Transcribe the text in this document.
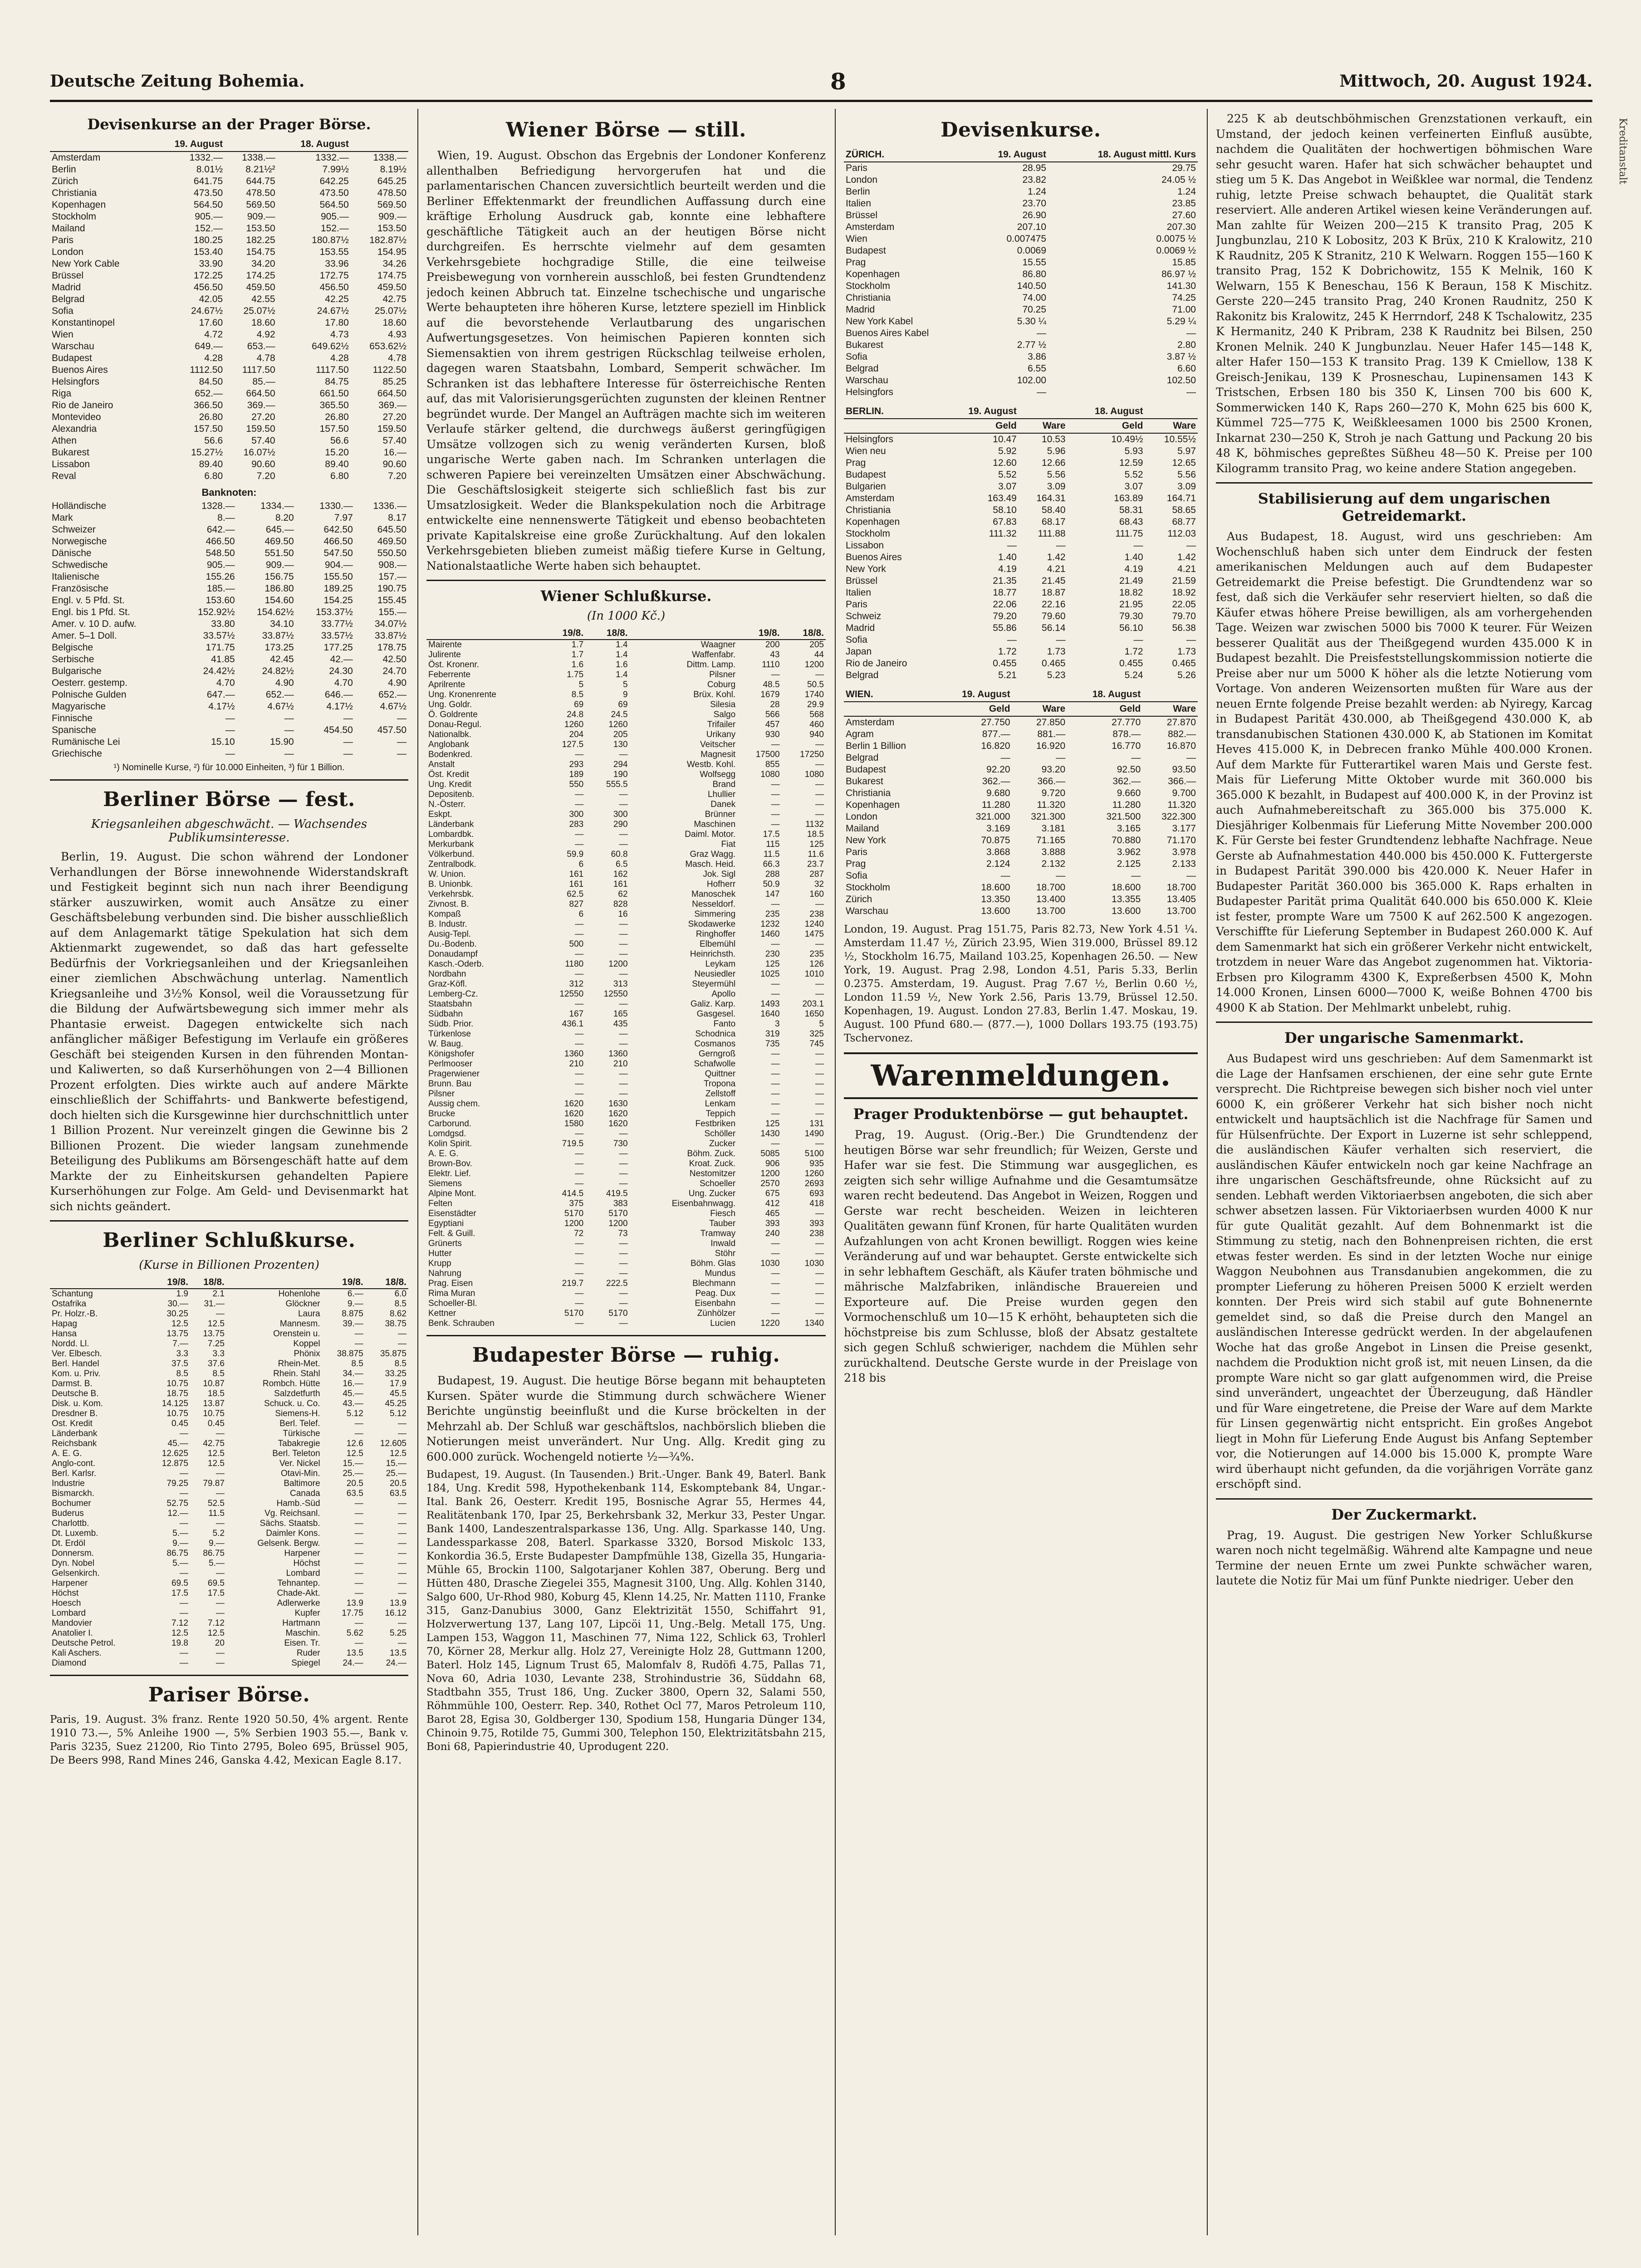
Deutsche Zeitung Bohemia.	8	Mittwoch, 20. August 1924.
Devisenkurse an der Prager Börse.
	19. August		18. August	
Amsterdam	1332.—	1338.—	1332.—	1338.—
Berlin	8.01½	8.21½²	7.99½	8.19½
Zürich	641.75	644.75	642.25	645.25
Christiania	473.50	478.50	473.50	478.50
Kopenhagen	564.50	569.50	564.50	569.50
Stockholm	905.—	909.—	905.—	909.—
Mailand	152.—	153.50	152.—	153.50
Paris	180.25	182.25	180.87½	182.87½
London	153.40	154.75	153.55	154.95
New York Cable	33.90	34.20	33.96	34.26
Brüssel	172.25	174.25	172.75	174.75
Madrid	456.50	459.50	456.50	459.50
Belgrad	42.05	42.55	42.25	42.75
Sofia	24.67½	25.07½	24.67½	25.07½
Konstantinopel	17.60	18.60	17.80	18.60
Wien	4.72	4.92	4.73	4.93
Warschau	649.—	653.—	649.62½	653.62½
Budapest	4.28	4.78	4.28	4.78
Buenos Aires	1112.50	1117.50	1117.50	1122.50
Helsingfors	84.50	85.—	84.75	85.25
Riga	652.—	664.50	661.50	664.50
Rio de Janeiro	366.50	369.—	365.50	369.—
Montevideo	26.80	27.20	26.80	27.20
Alexandria	157.50	159.50	157.50	159.50
Athen	56.6	57.40	56.6	57.40
Bukarest	15.27½	16.07½	15.20	16.—
Lissabon	89.40	90.60	89.40	90.60
Reval	6.80	7.20	6.80	7.20
Banknoten:
Holländische	1328.—	1334.—	1330.—	1336.—
Mark	8.—	8.20	7.97	8.17
Schweizer	642.—	645.—	642.50	645.50
Norwegische	466.50	469.50	466.50	469.50
Dänische	548.50	551.50	547.50	550.50
Schwedische	905.—	909.—	904.—	908.—
Italienische	155.26	156.75	155.50	157.—
Französische	185.—	186.80	189.25	190.75
Engl. v. 5 Pfd. St.	153.60	154.60	154.25	155.45
Engl. bis 1 Pfd. St.	152.92½	154.62½	153.37½	155.—
Amer. v. 10 D. aufw.	33.80	34.10	33.77½	34.07½
Amer. 5–1 Doll.	33.57½	33.87½	33.57½	33.87½
Belgische	171.75	173.25	177.25	178.75
Serbische	41.85	42.45	42.—	42.50
Bulgarische	24.42½	24.82½	24.30	24.70
Oesterr. gestemp.	4.70	4.90	4.70	4.90
Polnische Gulden	647.—	652.—	646.—	652.—
Magyarische	4.17½	4.67½	4.17½	4.67½
Finnische	—	—	—	—
Spanische	—	—	454.50	457.50
Rumänische Lei	15.10	15.90	—	—
Griechische	—	—	—	—
¹) Nominelle Kurse, ²) für 10.000 Einheiten, ³) für 1 Billion.
Berliner Börse — fest.
Kriegsanleihen abgeschwächt. — Wachsendes Publikumsinteresse.

Berlin, 19. August. Die schon während der Londoner Verhandlungen der Börse innewohnende Widerstandskraft und Festigkeit beginnt sich nun nach ihrer Beendigung stärker auszuwirken, womit auch Ansätze zu einer Geschäftsbelebung verbunden sind. Die bisher ausschließlich auf dem Anlagemarkt tätige Spekulation hat sich dem Aktienmarkt zugewendet, so daß das hart gefesselte Bedürfnis der Vorkriegsanleihen und der Kriegsanleihen einer ziemlichen Abschwächung unterlag. Namentlich Kriegsanleihe und 3½% Konsol, weil die Voraussetzung für die Bildung der Aufwärtsbewegung sich immer mehr als Phantasie erweist. Dagegen entwickelte sich nach anfänglicher mäßiger Befestigung im Verlaufe ein größeres Geschäft bei steigenden Kursen in den führenden Montan- und Kaliwerten, so daß Kurserhöhungen von 2—4 Billionen Prozent erfolgten. Dies wirkte auch auf andere Märkte einschließlich der Schiffahrts- und Bankwerte befestigend, doch hielten sich die Kursgewinne hier durchschnittlich unter 1 Billion Prozent. Nur vereinzelt gingen die Gewinne bis 2 Billionen Prozent. Die wieder langsam zunehmende Beteiligung des Publikums am Börsengeschäft hatte auf dem Markte der zu Einheitskursen gehandelten Papiere Kurserhöhungen zur Folge. Am Geld- und Devisenmarkt hat sich nichts geändert.

Berliner Schlußkurse.
(Kurse in Billionen Prozenten)
	19/8.	18/8.		19/8.	18/8.
Schantung	1.9	2.1	Hohenlohe	6.—	6.0
Ostafrika	30.—	31.—	Glöckner	9.—	8.5
Pr. Holzr.-B.	30.25	—	Laura	8.875	8.62
Hapag	12.5	12.5	Mannesm.	39.—	38.75
Hansa	13.75	13.75	Orenstein u.	—	—
Nordd. Ll.	7.—	7.25	Koppel	—	—
Ver. Elbesch.	3.3	3.3	Phönix	38.875	35.875
Berl. Handel	37.5	37.6	Rhein-Met.	8.5	8.5
Kom. u. Priv.	8.5	8.5	Rhein. Stahl	34.—	33.25
Darmst. B.	10.75	10.87	Rombch. Hütte	16.—	17.9
Deutsche B.	18.75	18.5	Salzdetfurth	45.—	45.5
Disk. u. Kom.	14.125	13.87	Schuck. u. Co.	43.—	45.25
Dresdner B.	10.75	10.75	Siemens-H.	5.12	5.12
Ost. Kredit	0.45	0.45	Berl. Telef.	—	—
Länderbank	—	—	Türkische	—	—
Reichsbank	45.—	42.75	Tabakregie	12.6	12.605
A. E. G.	12.625	12.5	Berl. Teleton	12.5	12.5
Anglo-cont.	12.875	12.5	Ver. Nickel	15.—	15.—
Berl. Karlsr.	—	—	Otavi-Min.	25.—	25.—
Industrie	79.25	79.87	Baltimore	20.5	20.5
Bismarckh.	—	—	Canada	63.5	63.5
Bochumer	52.75	52.5	Hamb.-Süd	—	—
Buderus	12.—	11.5	Vg. Reichsanl.	—	—
Charlottb.	—	—	Sächs. Staatsb.	—	—
Dt. Luxemb.	5.—	5.2	Daimler Kons.	—	—
Dt. Erdöl	9.—	9.—	Gelsenk. Bergw.	—	—
Donnersm.	86.75	86.75	Harpener	—	—
Dyn. Nobel	5.—	5.—	Höchst	—	—
Gelsenkirch.	—	—	Lombard	—	—
Harpener	69.5	69.5	Tehnantep.	—	—
Höchst	17.5	17.5	Chade-Akt.	—	—
Hoesch	—	—	Adlerwerke	13.9	13.9
Lombard	—	—	Kupfer	17.75	16.12
Mandovier	7.12	7.12	Hartmann	—	—
Anatolier I.	12.5	12.5	Maschin.	5.62	5.25
Deutsche Petrol.	19.8	20	Eisen. Tr.	—	—
Kali Aschers.	—	—	Ruder	13.5	13.5
Diamond	—	—	Spiegel	24.—	24.—
Pariser Börse.
Paris, 19. August. 3% franz. Rente 1920 50.50, 4% argent. Rente 1910 73.—, 5% Anleihe 1900 —, 5% Serbien 1903 55.—, Bank v. Paris 3235, Suez 21200, Rio Tinto 2795, Boleo 695, Brüssel 905, De Beers 998, Rand Mines 246, Ganska 4.42, Mexican Eagle 8.17.
Wiener Börse — still.

Wien, 19. August. Obschon das Ergebnis der Londoner Konferenz allenthalben Befriedigung hervorgerufen hat und die parlamentarischen Chancen zuversichtlich beurteilt werden und die Berliner Effektenmarkt der freundlichen Auffassung durch eine kräftige Erholung Ausdruck gab, konnte eine lebhaftere geschäftliche Tätigkeit auch an der heutigen Börse nicht durchgreifen. Es herrschte vielmehr auf dem gesamten Verkehrsgebiete hochgradige Stille, die eine teilweise Preisbewegung von vornherein ausschloß, bei festen Grundtendenz jedoch keinen Abbruch tat. Einzelne tschechische und ungarische Werte behaupteten ihre höheren Kurse, letztere speziell im Hinblick auf die bevorstehende Verlautbarung des ungarischen Aufwertungsgesetzes. Von heimischen Papieren konnten sich Siemensaktien von ihrem gestrigen Rückschlag teilweise erholen, dagegen waren Staatsbahn, Lombard, Semperit schwächer. Im Schranken ist das lebhaftere Interesse für österreichische Renten auf, das mit Valorisierungsgerüchten zugunsten der kleinen Rentner begründet wurde. Der Mangel an Aufträgen machte sich im weiteren Verlaufe stärker geltend, die durchwegs äußerst geringfügigen Umsätze vollzogen sich zu wenig veränderten Kursen, bloß ungarische Werte gaben nach. Im Schranken unterlagen die schweren Papiere bei vereinzelten Umsätzen einer Abschwächung. Die Geschäftslosigkeit steigerte sich schließlich fast bis zur Umsatzlosigkeit. Weder die Blankspekulation noch die Arbitrage entwickelte eine nennenswerte Tätigkeit und ebenso beobachteten private Kapitalskreise eine große Zurückhaltung. Auf den lokalen Verkehrsgebieten blieben zumeist mäßig tiefere Kurse in Geltung, Nationalstaatliche Werte haben sich behauptet.

Wiener Schlußkurse.
(In 1000 Kč.)
	19/8.	18/8.		19/8.	18/8.
Mairente	1.7	1.4	Waagner	200	205
Julirente	1.7	1.4	Waffenfabr.	43	44
Öst. Kronenr.	1.6	1.6	Dittm. Lamp.	1110	1200
Feberrente	1.75	1.4	Pilsner	—	—
Aprilrente	5	5	Coburg	48.5	50.5
Ung. Kronenrente	8.5	9	Brüx. Kohl.	1679	1740
Ung. Goldr.	69	69	Silesia	28	29.9
Ö. Goldrente	24.8	24.5	Salgo	566	568
Donau-Regul.	1260	1260	Trifailer	457	460
Nationalbk.	204	205	Urikany	930	940
Anglobank	127.5	130	Veitscher	—	—
Bodenkred.	—	—	Magnesit	17500	17250
Anstalt	293	294	Westb. Kohl.	855	—
Öst. Kredit	189	190	Wolfsegg	1080	1080
Ung. Kredit	550	555.5	Brand	—	—
Depositenb.	—	—	Lhullier	—	—
N.-Österr.	—	—	Danek	—	—
Eskpt.	300	300	Brünner	—	—
Länderbank	283	290	Maschinen	—	1132
Lombardbk.	—	—	Daiml. Motor.	17.5	18.5
Merkurbank	—	—	Fiat	115	125
Völkerbund.	59.9	60.8	Graz Wagg.	11.5	11.6
Zentralbodk.	6	6.5	Masch. Heid.	66.3	23.7
W. Union.	161	162	Jok. Sigl	288	287
B. Unionbk.	161	161	Hofherr	50.9	32
Verkehrsbk.	62.5	62	Manoschek	147	160
Zivnost. B.	827	828	Nesseldorf.	—	—
Kompaß	6	16	Simmering	235	238
B. Industr.	—	—	Skodawerke	1232	1240
Ausig-Tepl.	—	—	Ringhoffer	1460	1475
Du.-Bodenb.	500	—	Elbemühl	—	—
Donaudampf	—	—	Heinrichsth.	230	235
Kasch.-Oderb.	1180	1200	Leykam	125	126
Nordbahn	—	—	Neusiedler	1025	1010
Graz-Köfl.	312	313	Steyermühl	—	—
Lemberg-Cz.	12550	12550	Apollo	—	—
Staatsbahn	—	—	Galiz. Karp.	1493	203.1
Südbahn	167	165	Gasgesel.	1640	1650
Südb. Prior.	436.1	435	Fanto	3	5
Türkenlose	—	—	Schodnica	319	325
W. Baug.	—	—	Cosmanos	735	745
Königshofer	1360	1360	Gerngroß	—	—
Perlmooser	210	210	Schafwolle	—	—
Pragerwiener	—	—	Quittner	—	—
Brunn. Bau	—	—	Tropona	—	—
Pilsner	—	—	Zellstoff	—	—
Aussig chem.	1620	1630	Lenkam	—	—
Brucke	1620	1620	Teppich	—	—
Carborund.	1580	1620	Festbriken	125	131
Lomdgsd.	—	—	Schöller	1430	1490
Kolin Spirit.	719.5	730	Zucker	—	—
A. E. G.	—	—	Böhm. Zuck.	5085	5100
Brown-Bov.	—	—	Kroat. Zuck.	906	935
Elektr. Lief.	—	—	Nestomitzer	1200	1260
Siemens	—	—	Schoeller	2570	2693
Alpine Mont.	414.5	419.5	Ung. Zucker	675	693
Felten	375	383	Eisenbahnwagg.	412	418
Eisenstädter	5170	5170	Fiesch	465	—
Egyptiani	1200	1200	Tauber	393	393
Felt. & Guill.	72	73	Tramway	240	238
Grünerts	—	—	Inwald	—	—
Hutter	—	—	Stöhr	—	—
Krupp	—	—	Böhm. Glas	1030	1030
Nahrung	—	—	Mundus	—	—
Prag. Eisen	219.7	222.5	Blechmann	—	—
Rima Muran	—	—	Peag. Dux	—	—
Schoeller-Bl.	—	—	Eisenbahn	—	—
Kettner	5170	5170	Zünhölzer	—	—
Benk. Schrauben	—	—	Lucien	1220	1340
Budapester Börse — ruhig.

Budapest, 19. August. Die heutige Börse begann mit behaupteten Kursen. Später wurde die Stimmung durch schwächere Wiener Berichte ungünstig beeinflußt und die Kurse bröckelten in der Mehrzahl ab. Der Schluß war geschäftslos, nachbörslich blieben die Notierungen meist unverändert. Nur Ung. Allg. Kredit ging zu 600.000 zurück. Wochengeld notierte ½—¾%.

Budapest, 19. August. (In Tausenden.) Brit.-Unger. Bank 49, Baterl. Bank 184, Ung. Kredit 598, Hypothekenbank 114, Eskomptebank 84, Ungar.-Ital. Bank 26, Oesterr. Kredit 195, Bosnische Agrar 55, Hermes 44, Realitätenbank 170, Ipar 25, Berkehrsbank 32, Merkur 33, Pester Ungar. Bank 1400, Landeszentralsparkasse 136, Ung. Allg. Sparkasse 140, Ung. Landessparkasse 208, Baterl. Sparkasse 3320, Borsod Miskolc 133, Konkordia 36.5, Erste Budapester Dampfmühle 138, Gizella 35, Hungaria-Mühle 65, Brockin 1100, Salgotarjaner Kohlen 387, Oberung. Berg und Hütten 480, Drasche Ziegelei 355, Magnesit 3100, Ung. Allg. Kohlen 3140, Salgo 600, Ur-Rhod 980, Koburg 45, Klenn 14.25, Nr. Matten 1110, Franke 315, Ganz-Danubius 3000, Ganz Elektrizität 1550, Schiffahrt 91, Holzverwertung 137, Lang 107, Lipcöi 11, Ung.-Belg. Metall 175, Ung. Lampen 153, Waggon 11, Maschinen 77, Nima 122, Schlick 63, Trohlerl 70, Körner 28, Merkur allg. Holz 27, Vereinigte Holz 28, Guttmann 1200, Baterl. Holz 145, Lignum Trust 65, Malomfalv 8, Rudöfi 4.75, Pallas 71, Nova 60, Adria 1030, Levante 238, Strohindustrie 36, Süddahn 68, Stadtbahn 355, Trust 186, Ung. Zucker 3800, Opern 32, Salami 550, Röhmmühle 100, Oesterr. Rep. 340, Rothet Ocl 77, Maros Petroleum 110, Barot 28, Egisa 30, Goldberger 130, Spodium 158, Hungaria Dünger 134, Chinoin 9.75, Rotilde 75, Gummi 300, Telephon 150, Elektrizitätsbahn 215, Boni 68, Papierindustrie 40, Uprodugent 220.
Devisenkurse.
ZÜRICH.	19. August	18. August mittl. Kurs
Paris	28.95	29.75
London	23.82	24.05 ½
Berlin	1.24	1.24
Italien	23.70	23.85
Brüssel	26.90	27.60
Amsterdam	207.10	207.30
Wien	0.007475	0.0075 ½
Budapest	0.0069	0.0069 ½
Prag	15.55	15.85
Kopenhagen	86.80	86.97 ½
Stockholm	140.50	141.30
Christiania	74.00	74.25
Madrid	70.25	71.00
New York Kabel	5.30 ¼	5.29 ¼
Buenos Aires Kabel	—	—
Bukarest	2.77 ½	2.80
Sofia	3.86	3.87 ½
Belgrad	6.55	6.60
Warschau	102.00	102.50
Helsingfors	—	—
BERLIN.	19. August		18. August	
	Geld	Ware	Geld	Ware
Helsingfors	10.47	10.53	10.49½	10.55½
Wien neu	5.92	5.96	5.93	5.97
Prag	12.60	12.66	12.59	12.65
Budapest	5.52	5.56	5.52	5.56
Bulgarien	3.07	3.09	3.07	3.09
Amsterdam	163.49	164.31	163.89	164.71
Christiania	58.10	58.40	58.31	58.65
Kopenhagen	67.83	68.17	68.43	68.77
Stockholm	111.32	111.88	111.75	112.03
Lissabon	—	—	—	—
Buenos Aires	1.40	1.42	1.40	1.42
New York	4.19	4.21	4.19	4.21
Brüssel	21.35	21.45	21.49	21.59
Italien	18.77	18.87	18.82	18.92
Paris	22.06	22.16	21.95	22.05
Schweiz	79.20	79.60	79.30	79.70
Madrid	55.86	56.14	56.10	56.38
Sofia	—	—	—	—
Japan	1.72	1.73	1.72	1.73
Rio de Janeiro	0.455	0.465	0.455	0.465
Belgrad	5.21	5.23	5.24	5.26
WIEN.	19. August		18. August	
	Geld	Ware	Geld	Ware
Amsterdam	27.750	27.850	27.770	27.870
Agram	877.—	881.—	878.—	882.—
Berlin 1 Billion	16.820	16.920	16.770	16.870
Belgrad	—	—	—	—
Budapest	92.20	93.20	92.50	93.50
Bukarest	362.—	366.—	362.—	366.—
Christiania	9.680	9.720	9.660	9.700
Kopenhagen	11.280	11.320	11.280	11.320
London	321.000	321.300	321.500	322.300
Mailand	3.169	3.181	3.165	3.177
New York	70.875	71.165	70.880	71.170
Paris	3.868	3.888	3.962	3.978
Prag	2.124	2.132	2.125	2.133
Sofia	—	—	—	—
Stockholm	18.600	18.700	18.600	18.700
Zürich	13.350	13.400	13.355	13.405
Warschau	13.600	13.700	13.600	13.700
London, 19. August. Prag 151.75, Paris 82.73, New York 4.51 ¼. Amsterdam 11.47 ½, Zürich 23.95, Wien 319.000, Brüssel 89.12 ½, Stockholm 16.75, Mailand 103.25, Kopenhagen 26.50. — New York, 19. August. Prag 2.98, London 4.51, Paris 5.33, Berlin 0.2375. Amsterdam, 19. August. Prag 7.67 ½, Berlin 0.60 ½, London 11.59 ½, New York 2.56, Paris 13.79, Brüssel 12.50. Kopenhagen, 19. August. London 27.83, Berlin 1.47. Moskau, 19. August. 100 Pfund 680.— (877.—), 1000 Dollars 193.75 (193.75) Tschervonez.
Warenmeldungen.
Prager Produktenbörse — gut behauptet.

Prag, 19. August. (Orig.-Ber.) Die Grundtendenz der heutigen Börse war sehr freundlich; für Weizen, Gerste und Hafer war sie fest. Die Stimmung war ausgeglichen, es zeigten sich sehr willige Aufnahme und die Gesamtumsätze waren recht bedeutend. Das Angebot in Weizen, Roggen und Gerste war recht bescheiden. Weizen in leichteren Qualitäten gewann fünf Kronen, für harte Qualitäten wurden Aufzahlungen von acht Kronen bewilligt. Roggen wies keine Veränderung auf und war behauptet. Gerste entwickelte sich in sehr lebhaftem Geschäft, als Käufer traten böhmische und mährische Malzfabriken, inländische Brauereien und Exporteure auf. Die Preise wurden gegen den Vormochenschluß um 10—15 K erhöht, behaupteten sich die höchstpreise bis zum Schlusse, bloß der Absatz gestaltete sich gegen Schluß schwieriger, nachdem die Mühlen sehr zurückhaltend. Deutsche Gerste wurde in der Preislage von 218 bis

225 K ab deutschböhmischen Grenzstationen verkauft, ein Umstand, der jedoch keinen verfeinerten Einfluß ausübte, nachdem die Qualitäten der hochwertigen böhmischen Ware sehr gesucht waren. Hafer hat sich schwächer behauptet und stieg um 5 K. Das Angebot in Weißklee war normal, die Tendenz ruhig, letzte Preise schwach behauptet, die Qualität stark reserviert. Alle anderen Artikel wiesen keine Veränderungen auf. Man zahlte für Weizen 200—215 K transito Prag, 205 K Jungbunzlau, 210 K Lobositz, 203 K Brüx, 210 K Kralowitz, 210 K Raudnitz, 205 K Stranitz, 210 K Welwarn. Roggen 155—160 K transito Prag, 152 K Dobrichowitz, 155 K Melnik, 160 K Welwarn, 155 K Beneschau, 156 K Beraun, 158 K Mischitz. Gerste 220—245 transito Prag, 240 Kronen Raudnitz, 250 K Rakonitz bis Kralowitz, 245 K Herrndorf, 248 K Tschalowitz, 235 K Hermanitz, 240 K Pribram, 238 K Raudnitz bei Bilsen, 250 Kronen Melnik. 240 K Jungbunzlau. Neuer Hafer 145—148 K, alter Hafer 150—153 K transito Prag. 139 K Cmiellow, 138 K Greisch-Jenikau, 139 K Prosneschau, Lupinensamen 143 K Tristschen, Erbsen 180 bis 350 K, Linsen 700 bis 600 K, Sommerwicken 140 K, Raps 260—270 K, Mohn 625 bis 600 K, Kümmel 725—775 K, Weißkleesamen 1000 bis 2500 Kronen, Inkarnat 230—250 K, Stroh je nach Gattung und Packung 20 bis 48 K, böhmisches gepreßtes Süßheu 48—50 K. Preise per 100 Kilogramm transito Prag, wo keine andere Station angegeben.

Stabilisierung auf dem ungarischen Getreidemarkt.

Aus Budapest, 18. August, wird uns geschrieben: Am Wochenschluß haben sich unter dem Eindruck der festen amerikanischen Meldungen auch auf dem Budapester Getreidemarkt die Preise befestigt. Die Grundtendenz war so fest, daß sich die Verkäufer sehr reserviert hielten, so daß die Käufer etwas höhere Preise bewilligen, als am vorhergehenden Tage. Weizen war zwischen 5000 bis 7000 K teurer. Für Weizen besserer Qualität aus der Theißgegend wurden 435.000 K in Budapest bezahlt. Die Preisfeststellungskommission notierte die Preise aber nur um 5000 K höher als die letzte Notierung vom Vortage. Von anderen Weizensorten mußten für Ware aus der neuen Ernte folgende Preise bezahlt werden: ab Nyiregy, Karcag in Budapest Parität 430.000, ab Theißgegend 430.000 K, ab transdanubischen Stationen 430.000 K, ab Stationen im Komitat Heves 415.000 K, in Debrecen franko Mühle 400.000 Kronen. Auf dem Markte für Futterartikel waren Mais und Gerste fest. Mais für Lieferung Mitte Oktober wurde mit 360.000 bis 365.000 K bezahlt, in Budapest auf 400.000 K, in der Provinz ist auch Aufnahmebereitschaft zu 365.000 bis 375.000 K. Diesjähriger Kolbenmais für Lieferung Mitte November 200.000 K. Für Gerste bei fester Grundtendenz lebhafte Nachfrage. Neue Gerste ab Aufnahmestation 440.000 bis 450.000 K. Futtergerste in Budapest Parität 390.000 bis 420.000 K. Neuer Hafer in Budapester Parität 360.000 bis 365.000 K. Raps erhalten in Budapester Parität prima Qualität 640.000 bis 650.000 K. Kleie ist fester, prompte Ware um 7500 K auf 262.500 K angezogen. Verschiffte für Lieferung September in Budapest 260.000 K. Auf dem Samenmarkt hat sich ein größerer Verkehr nicht entwickelt, trotzdem in neuer Ware das Angebot zugenommen hat. Viktoria-Erbsen pro Kilogramm 4300 K, Expreßerbsen 4500 K, Mohn 14.000 Kronen, Linsen 6000—7000 K, weiße Bohnen 4700 bis 4900 K ab Station. Der Mehlmarkt unbelebt, ruhig.

Der ungarische Samenmarkt.

Aus Budapest wird uns geschrieben: Auf dem Samenmarkt ist die Lage der Hanfsamen erschienen, der eine sehr gute Ernte versprecht. Die Richtpreise bewegen sich bisher noch viel unter 6000 K, ein größerer Verkehr hat sich bisher noch nicht entwickelt und hauptsächlich ist die Nachfrage für Samen und für Hülsenfrüchte. Der Export in Luzerne ist sehr schleppend, die ausländischen Käufer verhalten sich reserviert, die ausländischen Käufer entwickeln noch gar keine Nachfrage an ihre ungarischen Geschäftsfreunde, ohne Rücksicht auf zu senden. Lebhaft werden Viktoriaerbsen angeboten, die sich aber schwer absetzen lassen. Für Viktoriaerbsen wurden 4000 K nur für gute Qualität gezahlt. Auf dem Bohnenmarkt ist die Stimmung zu stetig, nach den Bohnenpreisen richten, die erst etwas fester werden. Es sind in der letzten Woche nur einige Waggon Neubohnen aus Transdanubien angekommen, die zu prompter Lieferung zu höheren Preisen 5000 K erzielt werden konnten. Der Preis wird sich stabil auf gute Bohnenernte gemeldet sind, so daß die Preise durch den Mangel an ausländischen Interesse gedrückt werden. In der abgelaufenen Woche hat das große Angebot in Linsen die Preise gesenkt, nachdem die Produktion nicht groß ist, mit neuen Linsen, da die prompte Ware nicht so gar glatt aufgenommen wird, die Preise sind unverändert, ungeachtet der Überzeugung, daß Händler und für Ware eingetretene, die Preise der Ware auf dem Markte für Linsen gegenwärtig nicht entspricht. Ein großes Angebot liegt in Mohn für Lieferung Ende August bis Anfang September vor, die Notierungen auf 14.000 bis 15.000 K, prompte Ware wird überhaupt nicht gefunden, da die vorjährigen Vorräte ganz erschöpft sind.

Der Zuckermarkt.

Prag, 19. August. Die gestrigen New Yorker Schlußkurse waren noch nicht tegelmäßig. Während alte Kampagne und neue Termine der neuen Ernte um zwei Punkte schwächer waren, lautete die Notiz für Mai um fünf Punkte niedriger. Ueber den

Kreditanstalt
